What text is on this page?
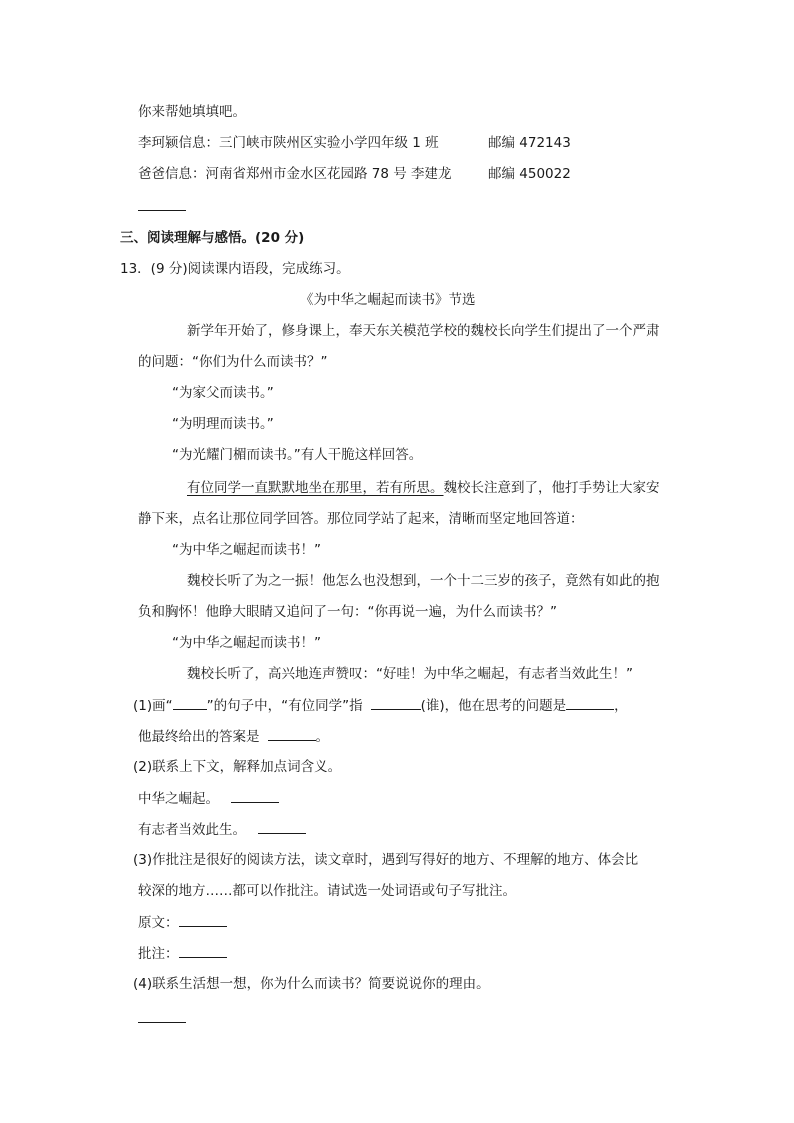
你来帮她填填吧。
李珂颍信息：三门峡市陕州区实验小学四年级 1 班	邮编 472143
爸爸信息：河南省郑州市金水区花园路 78 号 李建龙	邮编 450022
三、阅读理解与感悟。(20 分)
13．(9 分)阅读课内语段，完成练习。
《为中华之崛起而读书》节选
新学年开始了，修身课上，奉天东关模范学校的魏校长向学生们提出了一个严肃
的问题：“你们为什么而读书？”
“为家父而读书。”
“为明理而读书。”
“为光耀门楣而读书。”有人干脆这样回答。
有位同学一直默默地坐在那里，若有所思。魏校长注意到了，他打手势让大家安
静下来，点名让那位同学回答。那位同学站了起来，清晰而坚定地回答道：
“为中华之崛起而读书！”
魏校长听了为之一振！他怎么也没想到，一个十二三岁的孩子，竟然有如此的抱
负和胸怀！他睁大眼睛又追问了一句：“你再说一遍，为什么而读书？”
“为中华之崛起而读书！”
魏校长听了，高兴地连声赞叹：“好哇！为中华之崛起，有志者当效此生！”
(1)画“	”的句子中，“有位同学”指	(谁)，他在思考的问题是	，
他最终给出的答案是	。
(2)联系上下文，解释加点词含义。
中华之崛起。
有志者当效此生。
(3)作批注是很好的阅读方法，读文章时，遇到写得好的地方、不理解的地方、体会比
较深的地方……都可以作批注。请试选一处词语或句子写批注。
原文：
批注：
(4)联系生活想一想，你为什么而读书？简要说说你的理由。
